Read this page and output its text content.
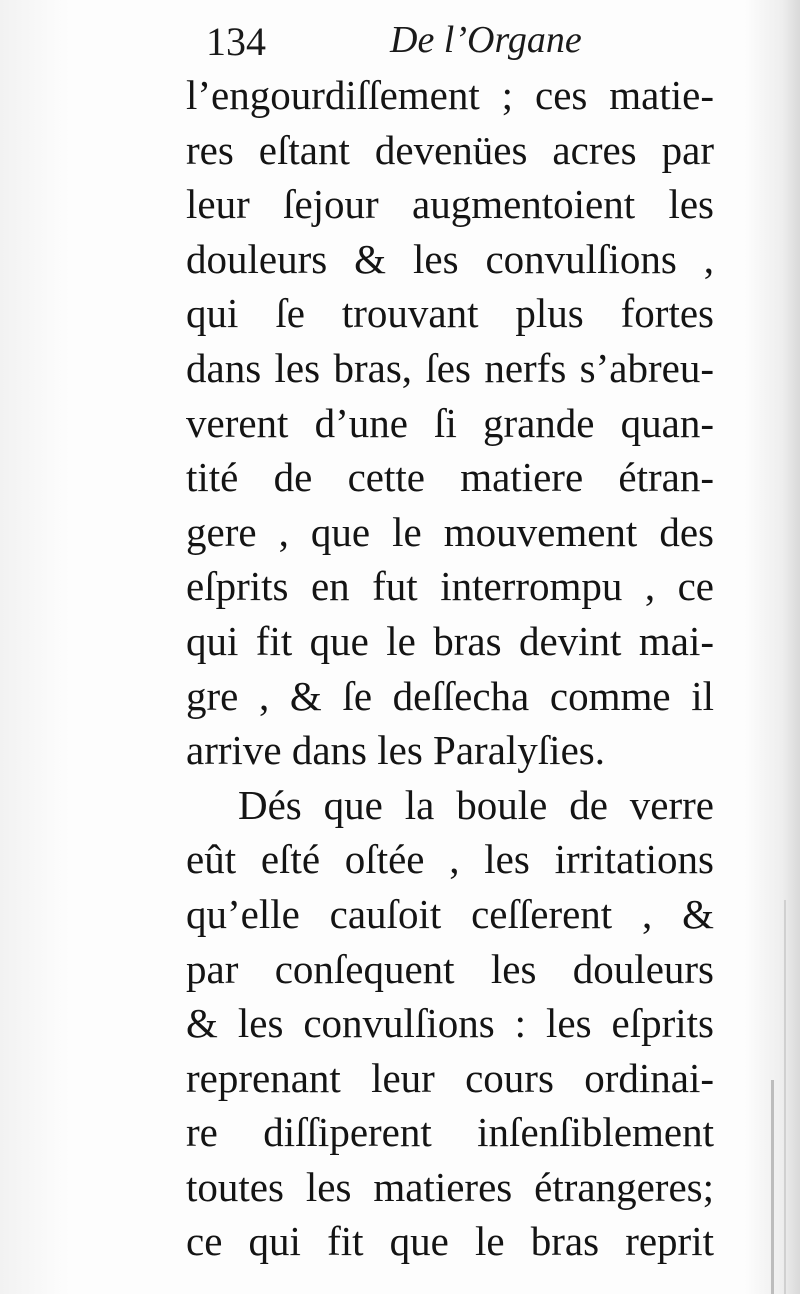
134	De l’Organe
l’engourdiſſement ; ces matie-
res eſtant devenües acres par
leur ſejour augmentoient les
douleurs & les convulſions ,
qui ſe trouvant plus fortes
dans les bras, ſes nerfs s’abreu-
verent d’une ſi grande quan-
tité de cette matiere étran-
gere , que le mouvement des
eſprits en fut interrompu , ce
qui fit que le bras devint mai-
gre , & ſe deſſecha comme il
arrive dans les Paralyſies.
Dés que la boule de verre
eût eſté oſtée , les irritations
qu’elle cauſoit ceſſerent , &
par conſequent les douleurs
& les convulſions : les eſprits
reprenant leur cours ordinai-
re diſſiperent inſenſiblement
toutes les matieres étrangeres;
ce qui fit que le bras reprit
